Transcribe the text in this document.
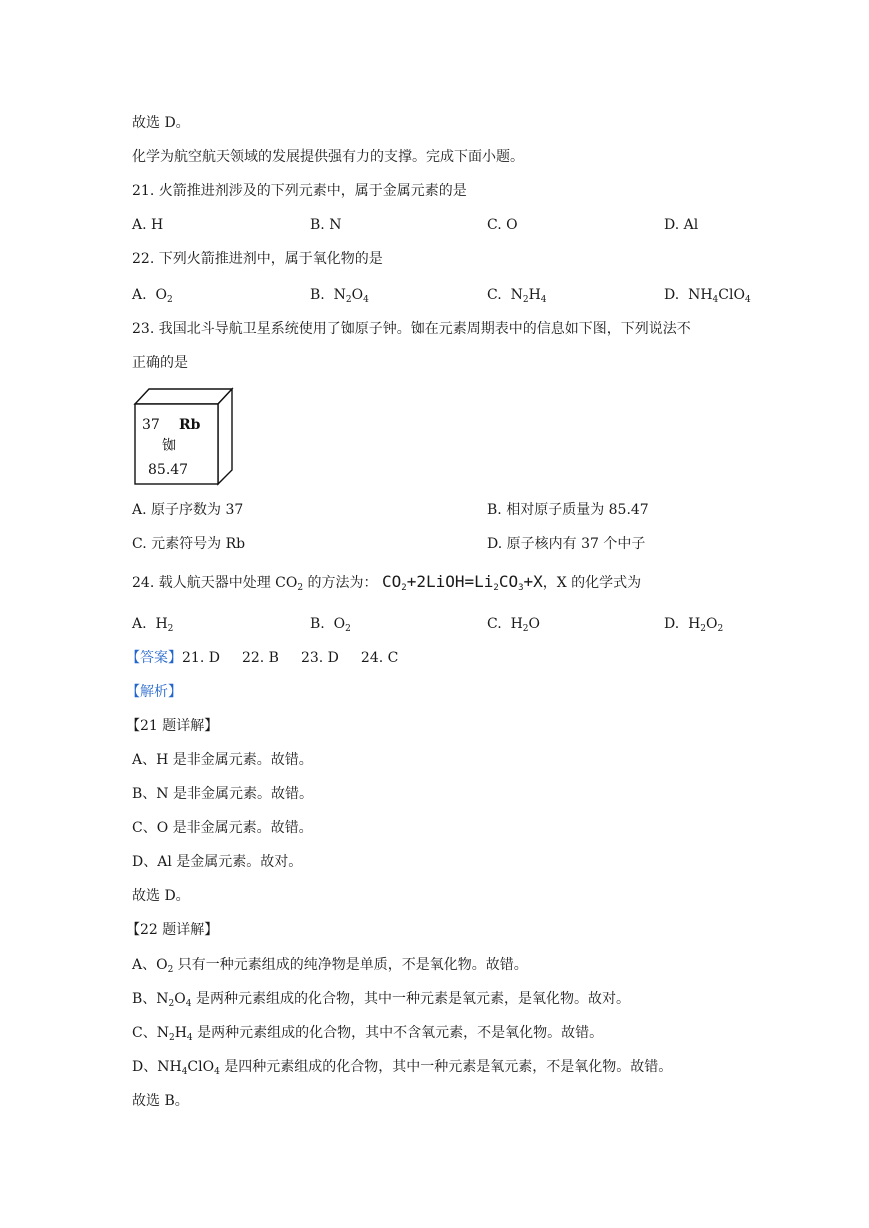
故选 D。
化学为航空航天领域的发展提供强有力的支撑。完成下面小题。
21. 火箭推进剂涉及的下列元素中，属于金属元素的是
A. H	B. N	C. O	D. Al
22. 下列火箭推进剂中，属于氧化物的是
A.  $O_2$	B.  $N_2O_4$	C.  $N_2H_4$	D.  $NH_4ClO_4$
23. 我国北斗导航卫星系统使用了铷原子钟。铷在元素周期表中的信息如下图，下列说法不
正确的是
37 Rb
铷
85.47
A. 原子序数为 37	B. 相对原子质量为 85.47
C. 元素符号为 Rb	D. 原子核内有 37 个中子
24. 载人航天器中处理 $CO_2$ 的方法为： $CO_2+2LiOH=Li_2CO_3+X$，X 的化学式为
A.  $H_2$	B.  $O_2$	C.  $H_2O$	D.  $H_2O_2$
【答案】21. D 22. B 23. D 24. C
【解析】
【21 题详解】
A、H 是非金属元素。故错。
B、N 是非金属元素。故错。
C、O 是非金属元素。故错。
D、Al 是金属元素。故对。
故选 D。
【22 题详解】
A、$O_2$ 只有一种元素组成的纯净物是单质，不是氧化物。故错。
B、$N_2O_4$ 是两种元素组成的化合物，其中一种元素是氧元素，是氧化物。故对。
C、$N_2H_4$ 是两种元素组成的化合物，其中不含氧元素，不是氧化物。故错。
D、$NH_4ClO_4$ 是四种元素组成的化合物，其中一种元素是氧元素，不是氧化物。故错。
故选 B。
